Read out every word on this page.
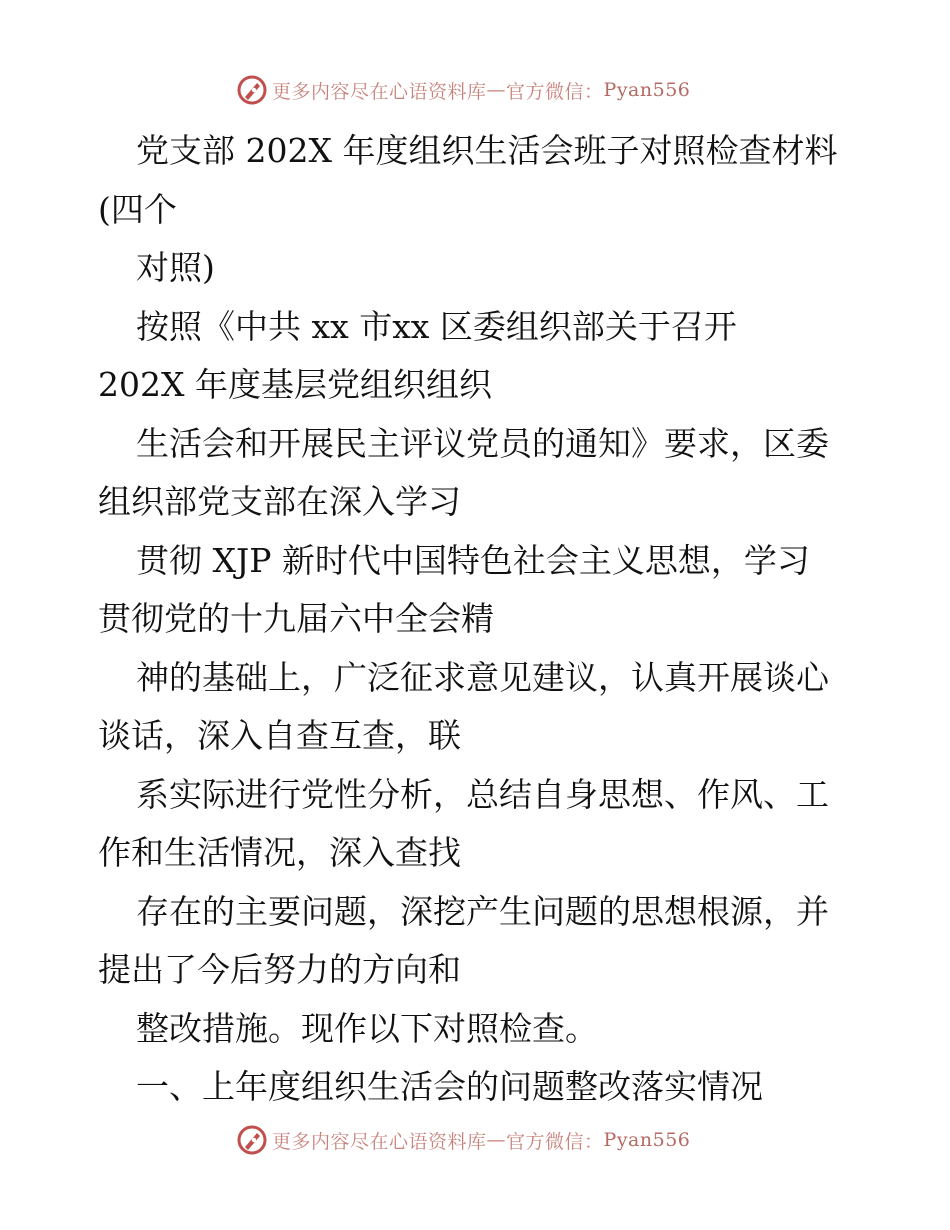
更多内容尽在心语资料库 — 官方微信： Pyan556
党支部 202X 年度组织生活会班子对照检查材料
(四个
对照)
按照《中共 xx 市xx 区委组织部关于召开
202X 年度基层党组织组织
生活会和开展民主评议党员的通知》要求，区委
组织部党支部在深入学习
贯彻 XJP 新时代中国特色社会主义思想，学习
贯彻党的十九届六中全会精
神的基础上，广泛征求意见建议，认真开展谈心
谈话，深入自查互查，联
系实际进行党性分析，总结自身思想、作风、工
作和生活情况，深入查找
存在的主要问题，深挖产生问题的思想根源，并
提出了今后努力的方向和
整改措施。现作以下对照检查。
一、上年度组织生活会的问题整改落实情况
更多内容尽在心语资料库 — 官方微信： Pyan556
